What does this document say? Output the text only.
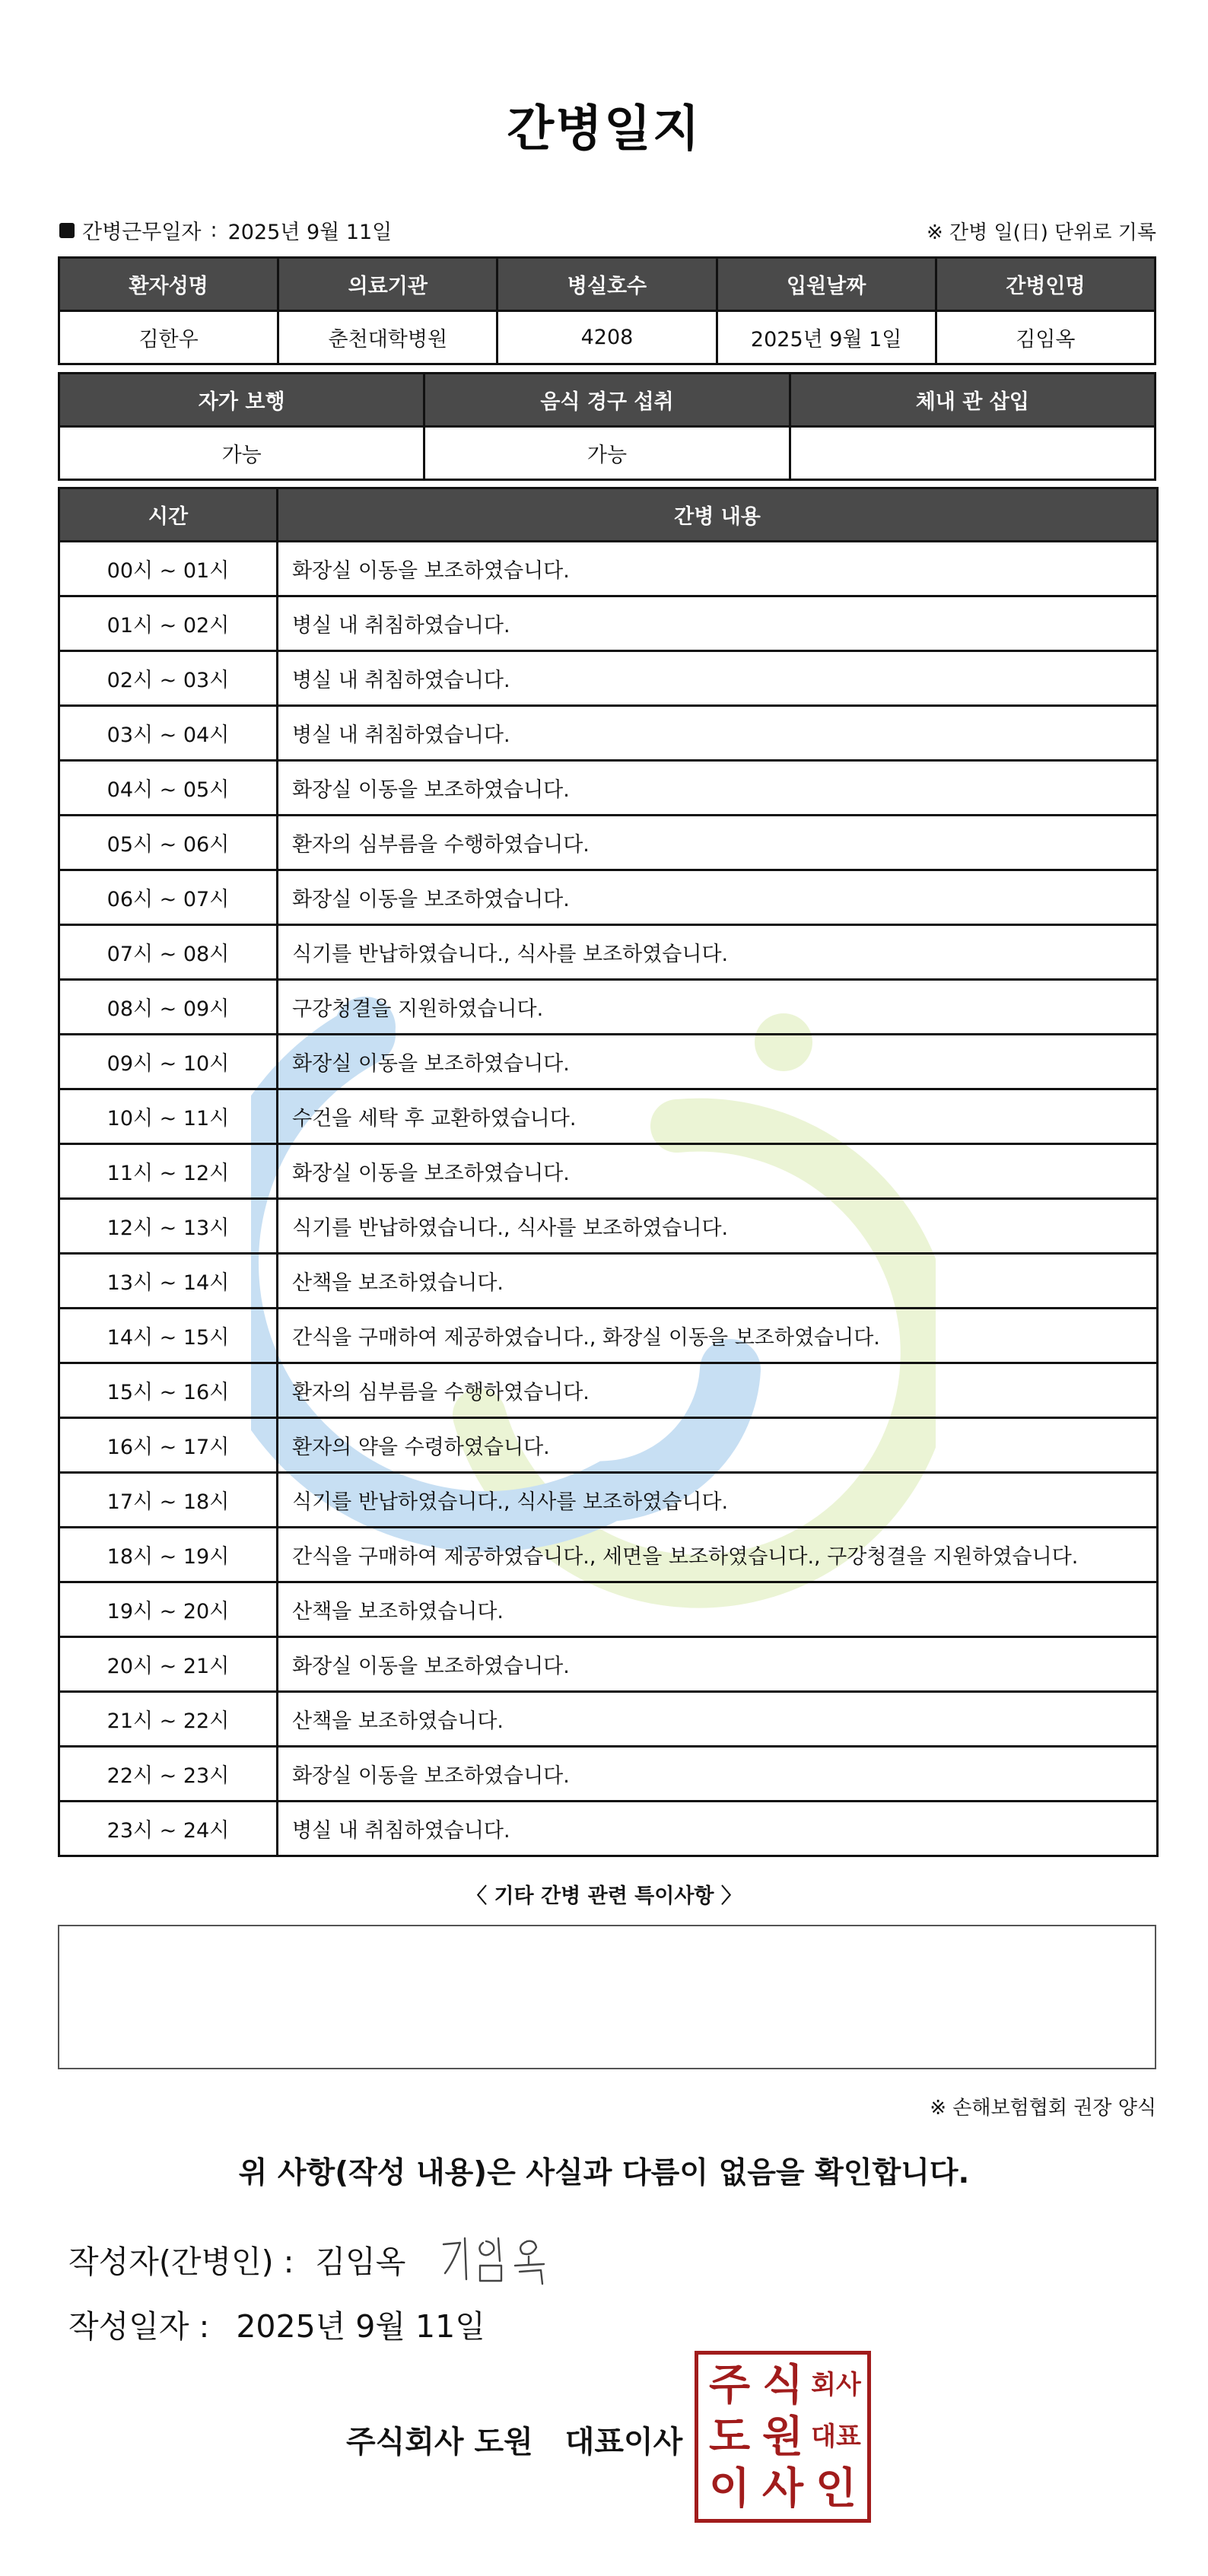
간병일지
간병근무일자 : 2025년 9월 11일	※ 간병 일(日) 단위로 기록
환자성명	의료기관	병실호수	입원날짜	간병인명
김한우	춘천대학병원	4208	2025년 9월 1일	김임옥
자가 보행	음식 경구 섭취	체내 관 삽입
가능	가능	
시간	간병 내용
00시 ~ 01시	화장실 이동을 보조하였습니다.
01시 ~ 02시	병실 내 취침하였습니다.
02시 ~ 03시	병실 내 취침하였습니다.
03시 ~ 04시	병실 내 취침하였습니다.
04시 ~ 05시	화장실 이동을 보조하였습니다.
05시 ~ 06시	환자의 심부름을 수행하였습니다.
06시 ~ 07시	화장실 이동을 보조하였습니다.
07시 ~ 08시	식기를 반납하였습니다., 식사를 보조하였습니다.
08시 ~ 09시	구강청결을 지원하였습니다.
09시 ~ 10시	화장실 이동을 보조하였습니다.
10시 ~ 11시	수건을 세탁 후 교환하였습니다.
11시 ~ 12시	화장실 이동을 보조하였습니다.
12시 ~ 13시	식기를 반납하였습니다., 식사를 보조하였습니다.
13시 ~ 14시	산책을 보조하였습니다.
14시 ~ 15시	간식을 구매하여 제공하였습니다., 화장실 이동을 보조하였습니다.
15시 ~ 16시	환자의 심부름을 수행하였습니다.
16시 ~ 17시	환자의 약을 수령하였습니다.
17시 ~ 18시	식기를 반납하였습니다., 식사를 보조하였습니다.
18시 ~ 19시	간식을 구매하여 제공하였습니다., 세면을 보조하였습니다., 구강청결을 지원하였습니다.
19시 ~ 20시	산책을 보조하였습니다.
20시 ~ 21시	화장실 이동을 보조하였습니다.
21시 ~ 22시	산책을 보조하였습니다.
22시 ~ 23시	화장실 이동을 보조하였습니다.
23시 ~ 24시	병실 내 취침하였습니다.
〈 기타 간병 관련 특이사항 〉
※ 손해보험협회 권장 양식
위 사항(작성 내용)은 사실과 다름이 없음을 확인합니다.
작성자(간병인) : 김임옥
작성일자 : 2025년 9월 11일
주식회사 도원 대표이사
주 식 회사
도 원 대표
이 사 인
